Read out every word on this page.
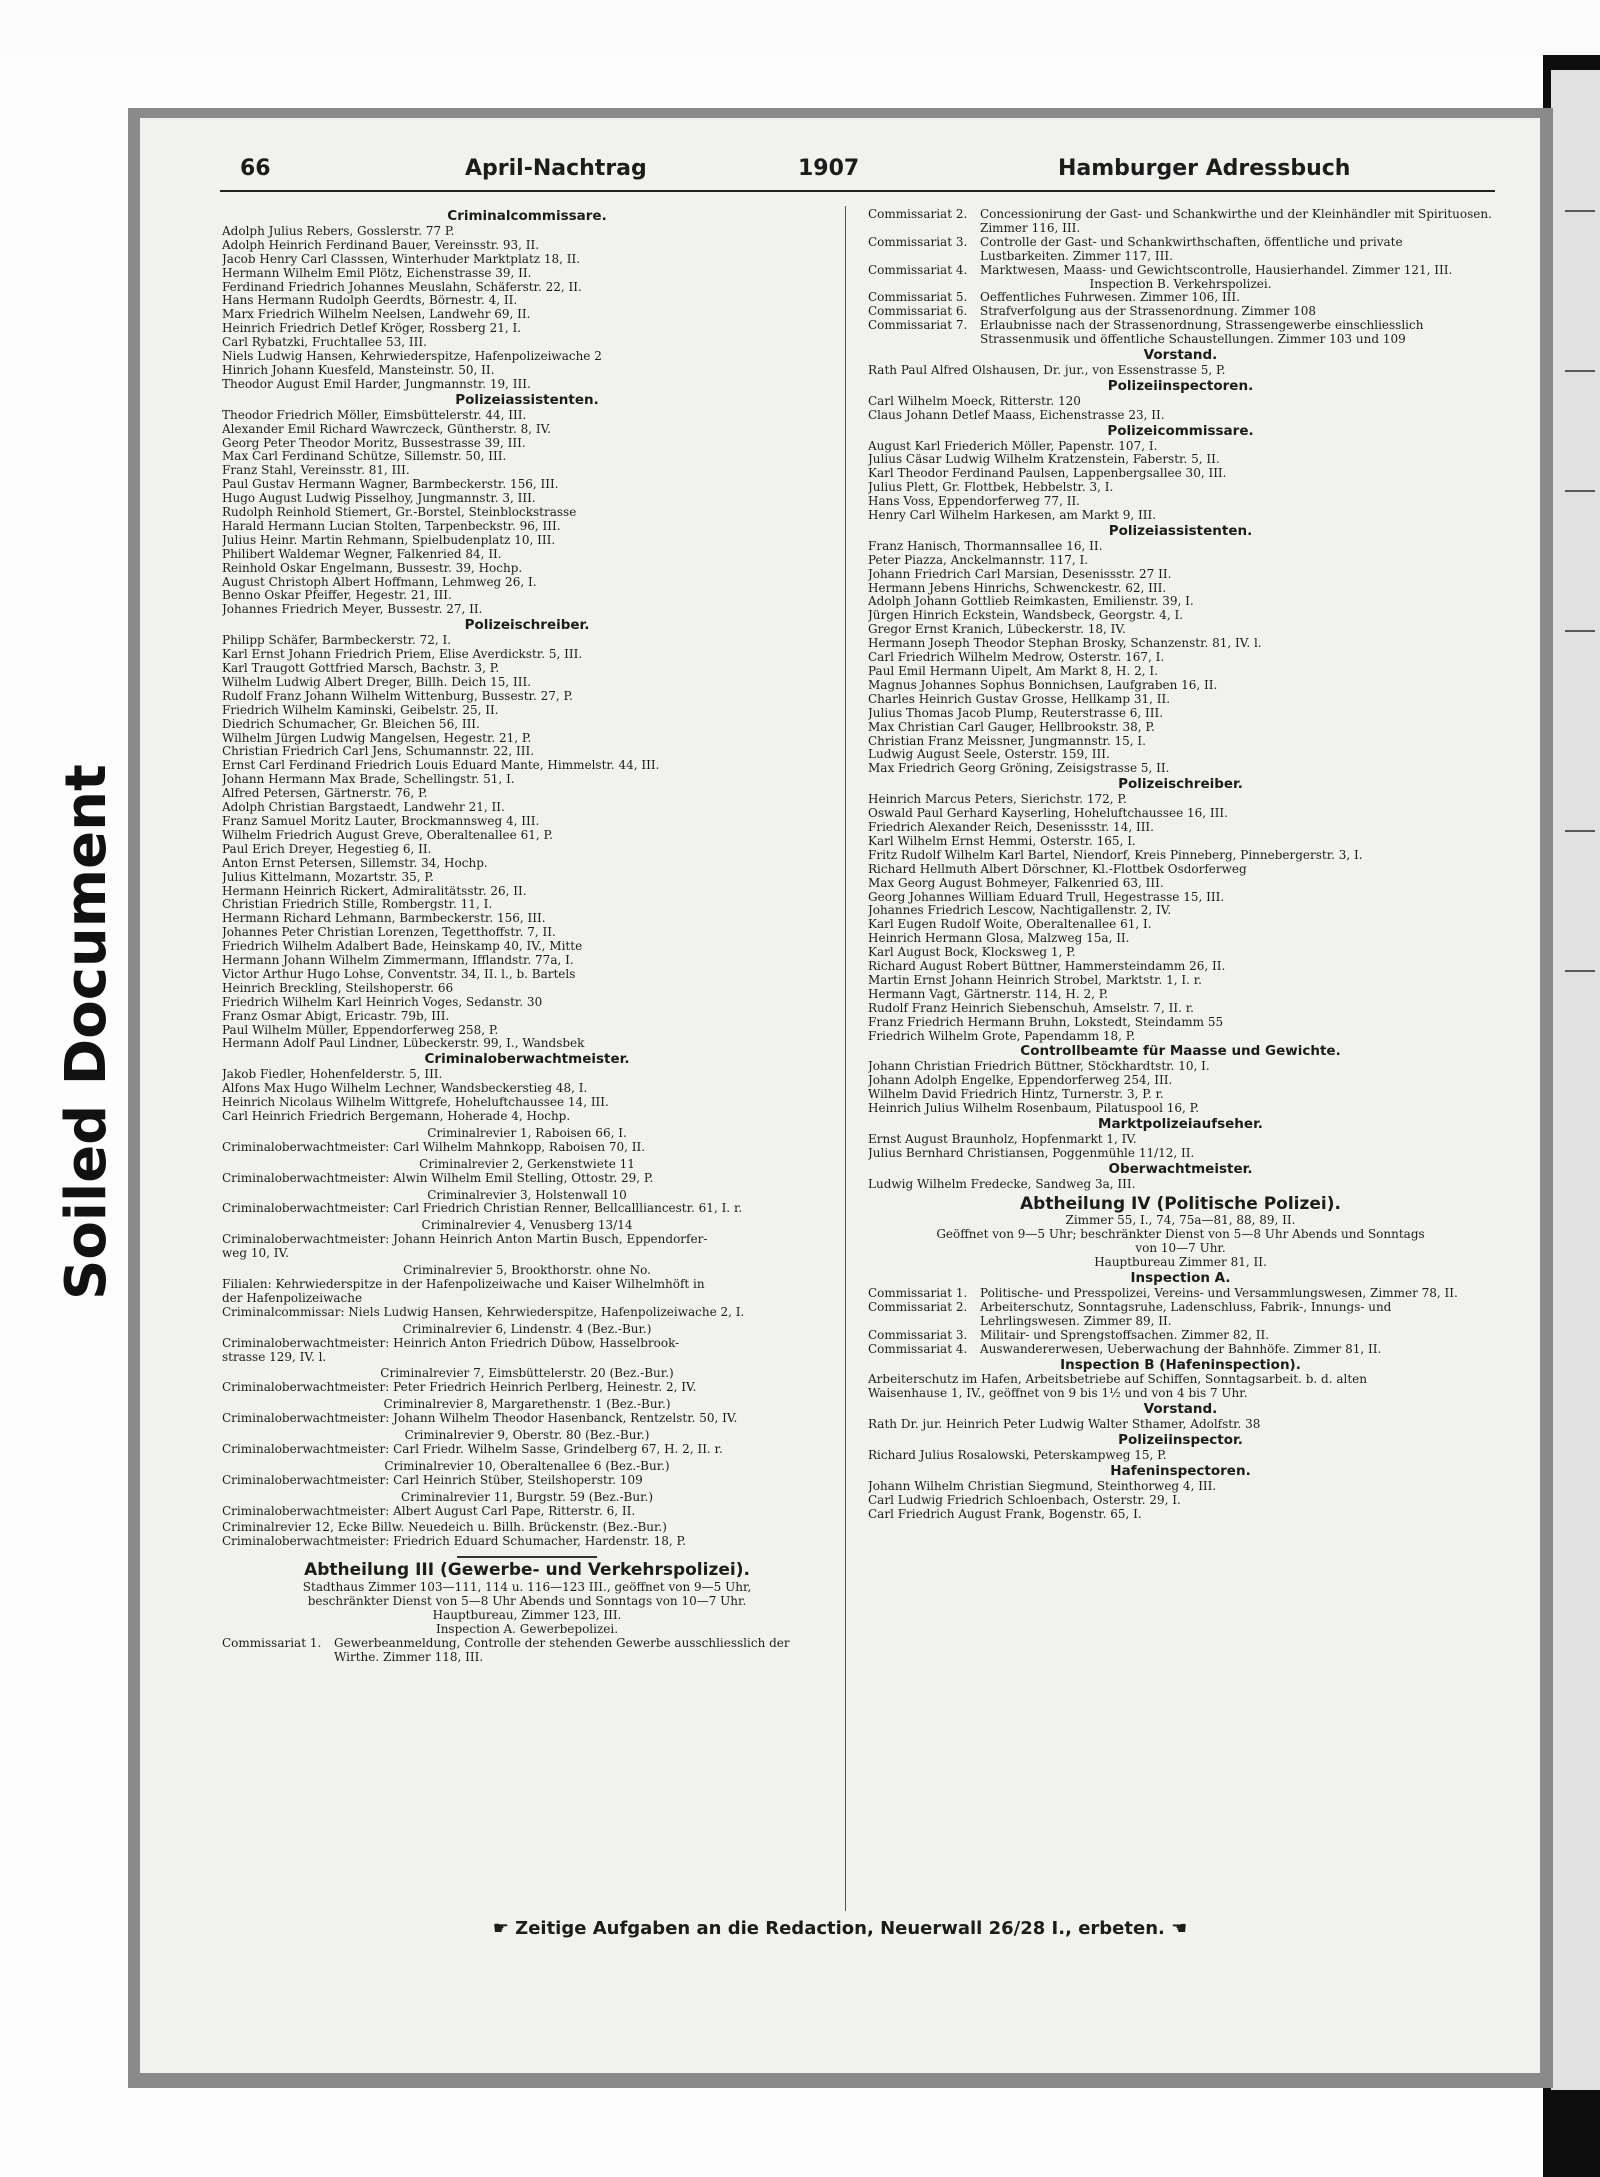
Soiled Document
66	April-Nachtrag	1907	Hamburger Adressbuch
Criminalcommissare.
Adolph Julius Rebers, Gosslerstr. 77 P.
Adolph Heinrich Ferdinand Bauer, Vereinsstr. 93, II.
Jacob Henry Carl Classsen, Winterhuder Marktplatz 18, II.
Hermann Wilhelm Emil Plötz, Eichenstrasse 39, II.
Ferdinand Friedrich Johannes Meuslahn, Schäferstr. 22, II.
Hans Hermann Rudolph Geerdts, Börnestr. 4, II.
Marx Friedrich Wilhelm Neelsen, Landwehr 69, II.
Heinrich Friedrich Detlef Kröger, Rossberg 21, I.
Carl Rybatzki, Fruchtallee 53, III.
Niels Ludwig Hansen, Kehrwiederspitze, Hafenpolizeiwache 2
Hinrich Johann Kuesfeld, Mansteinstr. 50, II.
Theodor August Emil Harder, Jungmannstr. 19, III.
Polizeiassistenten.
Theodor Friedrich Möller, Eimsbüttelerstr. 44, III.
Alexander Emil Richard Wawrczeck, Güntherstr. 8, IV.
Georg Peter Theodor Moritz, Bussestrasse 39, III.
Max Carl Ferdinand Schütze, Sillemstr. 50, III.
Franz Stahl, Vereinsstr. 81, III.
Paul Gustav Hermann Wagner, Barmbeckerstr. 156, III.
Hugo August Ludwig Pisselhoy, Jungmannstr. 3, III.
Rudolph Reinhold Stiemert, Gr.-Borstel, Steinblockstrasse
Harald Hermann Lucian Stolten, Tarpenbeckstr. 96, III.
Julius Heinr. Martin Rehmann, Spielbudenplatz 10, III.
Philibert Waldemar Wegner, Falkenried 84, II.
Reinhold Oskar Engelmann, Bussestr. 39, Hochp.
August Christoph Albert Hoffmann, Lehmweg 26, I.
Benno Oskar Pfeiffer, Hegestr. 21, III.
Johannes Friedrich Meyer, Bussestr. 27, II.
Polizeischreiber.
Philipp Schäfer, Barmbeckerstr. 72, I.
Karl Ernst Johann Friedrich Priem, Elise Averdickstr. 5, III.
Karl Traugott Gottfried Marsch, Bachstr. 3, P.
Wilhelm Ludwig Albert Dreger, Billh. Deich 15, III.
Rudolf Franz Johann Wilhelm Wittenburg, Bussestr. 27, P.
Friedrich Wilhelm Kaminski, Geibelstr. 25, II.
Diedrich Schumacher, Gr. Bleichen 56, III.
Wilhelm Jürgen Ludwig Mangelsen, Hegestr. 21, P.
Christian Friedrich Carl Jens, Schumannstr. 22, III.
Ernst Carl Ferdinand Friedrich Louis Eduard Mante, Himmelstr. 44, III.
Johann Hermann Max Brade, Schellingstr. 51, I.
Alfred Petersen, Gärtnerstr. 76, P.
Adolph Christian Bargstaedt, Landwehr 21, II.
Franz Samuel Moritz Lauter, Brockmannsweg 4, III.
Wilhelm Friedrich August Greve, Oberaltenallee 61, P.
Paul Erich Dreyer, Hegestieg 6, II.
Anton Ernst Petersen, Sillemstr. 34, Hochp.
Julius Kittelmann, Mozartstr. 35, P.
Hermann Heinrich Rickert, Admiralitätsstr. 26, II.
Christian Friedrich Stille, Rombergstr. 11, I.
Hermann Richard Lehmann, Barmbeckerstr. 156, III.
Johannes Peter Christian Lorenzen, Tegetthoffstr. 7, II.
Friedrich Wilhelm Adalbert Bade, Heinskamp 40, IV., Mitte
Hermann Johann Wilhelm Zimmermann, Ifflandstr. 77a, I.
Victor Arthur Hugo Lohse, Conventstr. 34, II. l., b. Bartels
Heinrich Breckling, Steilshoperstr. 66
Friedrich Wilhelm Karl Heinrich Voges, Sedanstr. 30
Franz Osmar Abigt, Ericastr. 79b, III.
Paul Wilhelm Müller, Eppendorferweg 258, P.
Hermann Adolf Paul Lindner, Lübeckerstr. 99, I., Wandsbek
Criminaloberwachtmeister.
Jakob Fiedler, Hohenfelderstr. 5, III.
Alfons Max Hugo Wilhelm Lechner, Wandsbeckerstieg 48, I.
Heinrich Nicolaus Wilhelm Wittgrefe, Hoheluftchaussee 14, III.
Carl Heinrich Friedrich Bergemann, Hoherade 4, Hochp.
Criminalrevier 1, Raboisen 66, I.
Criminaloberwachtmeister: Carl Wilhelm Mahnkopp, Raboisen 70, II.
Criminalrevier 2, Gerkenstwiete 11
Criminaloberwachtmeister: Alwin Wilhelm Emil Stelling, Ottostr. 29, P.
Criminalrevier 3, Holstenwall 10
Criminaloberwachtmeister: Carl Friedrich Christian Renner, Bellcallliancestr. 61, I. r.
Criminalrevier 4, Venusberg 13/14
Criminaloberwachtmeister: Johann Heinrich Anton Martin Busch, Eppendorfer-
weg 10, IV.
Criminalrevier 5, Brookthorstr. ohne No.
Filialen: Kehrwiederspitze in der Hafenpolizeiwache und Kaiser Wilhelmhöft in
der Hafenpolizeiwache
Criminalcommissar: Niels Ludwig Hansen, Kehrwiederspitze, Hafenpolizeiwache 2, I.
Criminalrevier 6, Lindenstr. 4 (Bez.-Bur.)
Criminaloberwachtmeister: Heinrich Anton Friedrich Dübow, Hasselbrook-
strasse 129, IV. l.
Criminalrevier 7, Eimsbüttelerstr. 20 (Bez.-Bur.)
Criminaloberwachtmeister: Peter Friedrich Heinrich Perlberg, Heinestr. 2, IV.
Criminalrevier 8, Margarethenstr. 1 (Bez.-Bur.)
Criminaloberwachtmeister: Johann Wilhelm Theodor Hasenbanck, Rentzelstr. 50, IV.
Criminalrevier 9, Oberstr. 80 (Bez.-Bur.)
Criminaloberwachtmeister: Carl Friedr. Wilhelm Sasse, Grindelberg 67, H. 2, II. r.
Criminalrevier 10, Oberaltenallee 6 (Bez.-Bur.)
Criminaloberwachtmeister: Carl Heinrich Stüber, Steilshoperstr. 109
Criminalrevier 11, Burgstr. 59 (Bez.-Bur.)
Criminaloberwachtmeister: Albert August Carl Pape, Ritterstr. 6, II.
Criminalrevier 12, Ecke Billw. Neuedeich u. Billh. Brückenstr. (Bez.-Bur.)
Criminaloberwachtmeister: Friedrich Eduard Schumacher, Hardenstr. 18, P.
Abtheilung III (Gewerbe- und Verkehrspolizei).
Stadthaus Zimmer 103—111, 114 u. 116—123 III., geöffnet von 9—5 Uhr,
beschränkter Dienst von 5—8 Uhr Abends und Sonntags von 10—7 Uhr.
Hauptbureau, Zimmer 123, III.
Inspection A. Gewerbepolizei.
Commissariat 1.	Gewerbeanmeldung, Controlle der stehenden Gewerbe ausschliesslich der Wirthe. Zimmer 118, III.
Commissariat 2.	Concessionirung der Gast- und Schankwirthe und der Kleinhändler mit Spirituosen. Zimmer 116, III.
Commissariat 3.	Controlle der Gast- und Schankwirthschaften, öffentliche und private Lustbarkeiten. Zimmer 117, III.
Commissariat 4.	Marktwesen, Maass- und Gewichtscontrolle, Hausierhandel. Zimmer 121, III.
Inspection B. Verkehrspolizei.
Commissariat 5.	Oeffentliches Fuhrwesen. Zimmer 106, III.
Commissariat 6.	Strafverfolgung aus der Strassenordnung. Zimmer 108
Commissariat 7.	Erlaubnisse nach der Strassenordnung, Strassengewerbe einschliesslich Strassenmusik und öffentliche Schaustellungen. Zimmer 103 und 109
Vorstand.
Rath Paul Alfred Olshausen, Dr. jur., von Essenstrasse 5, P.
Polizeiinspectoren.
Carl Wilhelm Moeck, Ritterstr. 120
Claus Johann Detlef Maass, Eichenstrasse 23, II.
Polizeicommissare.
August Karl Friederich Möller, Papenstr. 107, I.
Julius Cäsar Ludwig Wilhelm Kratzenstein, Faberstr. 5, II.
Karl Theodor Ferdinand Paulsen, Lappenbergsallee 30, III.
Julius Plett, Gr. Flottbek, Hebbelstr. 3, I.
Hans Voss, Eppendorferweg 77, II.
Henry Carl Wilhelm Harkesen, am Markt 9, III.
Polizeiassistenten.
Franz Hanisch, Thormannsallee 16, II.
Peter Piazza, Anckelmannstr. 117, I.
Johann Friedrich Carl Marsian, Desenissstr. 27 II.
Hermann Jebens Hinrichs, Schwenckestr. 62, III.
Adolph Johann Gottlieb Reimkasten, Emilienstr. 39, I.
Jürgen Hinrich Eckstein, Wandsbeck, Georgstr. 4, I.
Gregor Ernst Kranich, Lübeckerstr. 18, IV.
Hermann Joseph Theodor Stephan Brosky, Schanzenstr. 81, IV. l.
Carl Friedrich Wilhelm Medrow, Osterstr. 167, I.
Paul Emil Hermann Uipelt, Am Markt 8, H. 2, I.
Magnus Johannes Sophus Bonnichsen, Laufgraben 16, II.
Charles Heinrich Gustav Grosse, Hellkamp 31, II.
Julius Thomas Jacob Plump, Reuterstrasse 6, III.
Max Christian Carl Gauger, Hellbrookstr. 38, P.
Christian Franz Meissner, Jungmannstr. 15, I.
Ludwig August Seele, Osterstr. 159, III.
Max Friedrich Georg Gröning, Zeisigstrasse 5, II.
Polizeischreiber.
Heinrich Marcus Peters, Sierichstr. 172, P.
Oswald Paul Gerhard Kayserling, Hoheluftchaussee 16, III.
Friedrich Alexander Reich, Desenissstr. 14, III.
Karl Wilhelm Ernst Hemmi, Osterstr. 165, I.
Fritz Rudolf Wilhelm Karl Bartel, Niendorf, Kreis Pinneberg, Pinnebergerstr. 3, I.
Richard Hellmuth Albert Dörschner, Kl.-Flottbek Osdorferweg
Max Georg August Bohmeyer, Falkenried 63, III.
Georg Johannes William Eduard Trull, Hegestrasse 15, III.
Johannes Friedrich Lescow, Nachtigallenstr. 2, IV.
Karl Eugen Rudolf Woite, Oberaltenallee 61, I.
Heinrich Hermann Glosa, Malzweg 15a, II.
Karl August Bock, Klocksweg 1, P.
Richard August Robert Büttner, Hammersteindamm 26, II.
Martin Ernst Johann Heinrich Strobel, Marktstr. 1, I. r.
Hermann Vagt, Gärtnerstr. 114, H. 2, P.
Rudolf Franz Heinrich Siebenschuh, Amselstr. 7, II. r.
Franz Friedrich Hermann Bruhn, Lokstedt, Steindamm 55
Friedrich Wilhelm Grote, Papendamm 18, P.
Controllbeamte für Maasse und Gewichte.
Johann Christian Friedrich Büttner, Stöckhardtstr. 10, I.
Johann Adolph Engelke, Eppendorferweg 254, III.
Wilhelm David Friedrich Hintz, Turnerstr. 3, P. r.
Heinrich Julius Wilhelm Rosenbaum, Pilatuspool 16, P.
Marktpolizeiaufseher.
Ernst August Braunholz, Hopfenmarkt 1, IV.
Julius Bernhard Christiansen, Poggenmühle 11/12, II.
Oberwachtmeister.
Ludwig Wilhelm Fredecke, Sandweg 3a, III.
Abtheilung IV (Politische Polizei).
Zimmer 55, I., 74, 75a—81, 88, 89, II.
Geöffnet von 9—5 Uhr; beschränkter Dienst von 5—8 Uhr Abends und Sonntags
von 10—7 Uhr.
Hauptbureau Zimmer 81, II.
Inspection A.
Commissariat 1.	Politische- und Presspolizei, Vereins- und Versammlungswesen, Zimmer 78, II.
Commissariat 2.	Arbeiterschutz, Sonntagsruhe, Ladenschluss, Fabrik-, Innungs- und Lehrlingswesen. Zimmer 89, II.
Commissariat 3.	Militair- und Sprengstoffsachen. Zimmer 82, II.
Commissariat 4.	Auswandererwesen, Ueberwachung der Bahnhöfe. Zimmer 81, II.
Inspection B (Hafeninspection).
Arbeiterschutz im Hafen, Arbeitsbetriebe auf Schiffen, Sonntagsarbeit. b. d. alten
Waisenhause 1, IV., geöffnet von 9 bis 1½ und von 4 bis 7 Uhr.
Vorstand.
Rath Dr. jur. Heinrich Peter Ludwig Walter Sthamer, Adolfstr. 38
Polizeiinspector.
Richard Julius Rosalowski, Peterskampweg 15, P.
Hafeninspectoren.
Johann Wilhelm Christian Siegmund, Steinthorweg 4, III.
Carl Ludwig Friedrich Schloenbach, Osterstr. 29, I.
Carl Friedrich August Frank, Bogenstr. 65, I.
☛ Zeitige Aufgaben an die Redaction, Neuerwall 26/28 I., erbeten. ☚
